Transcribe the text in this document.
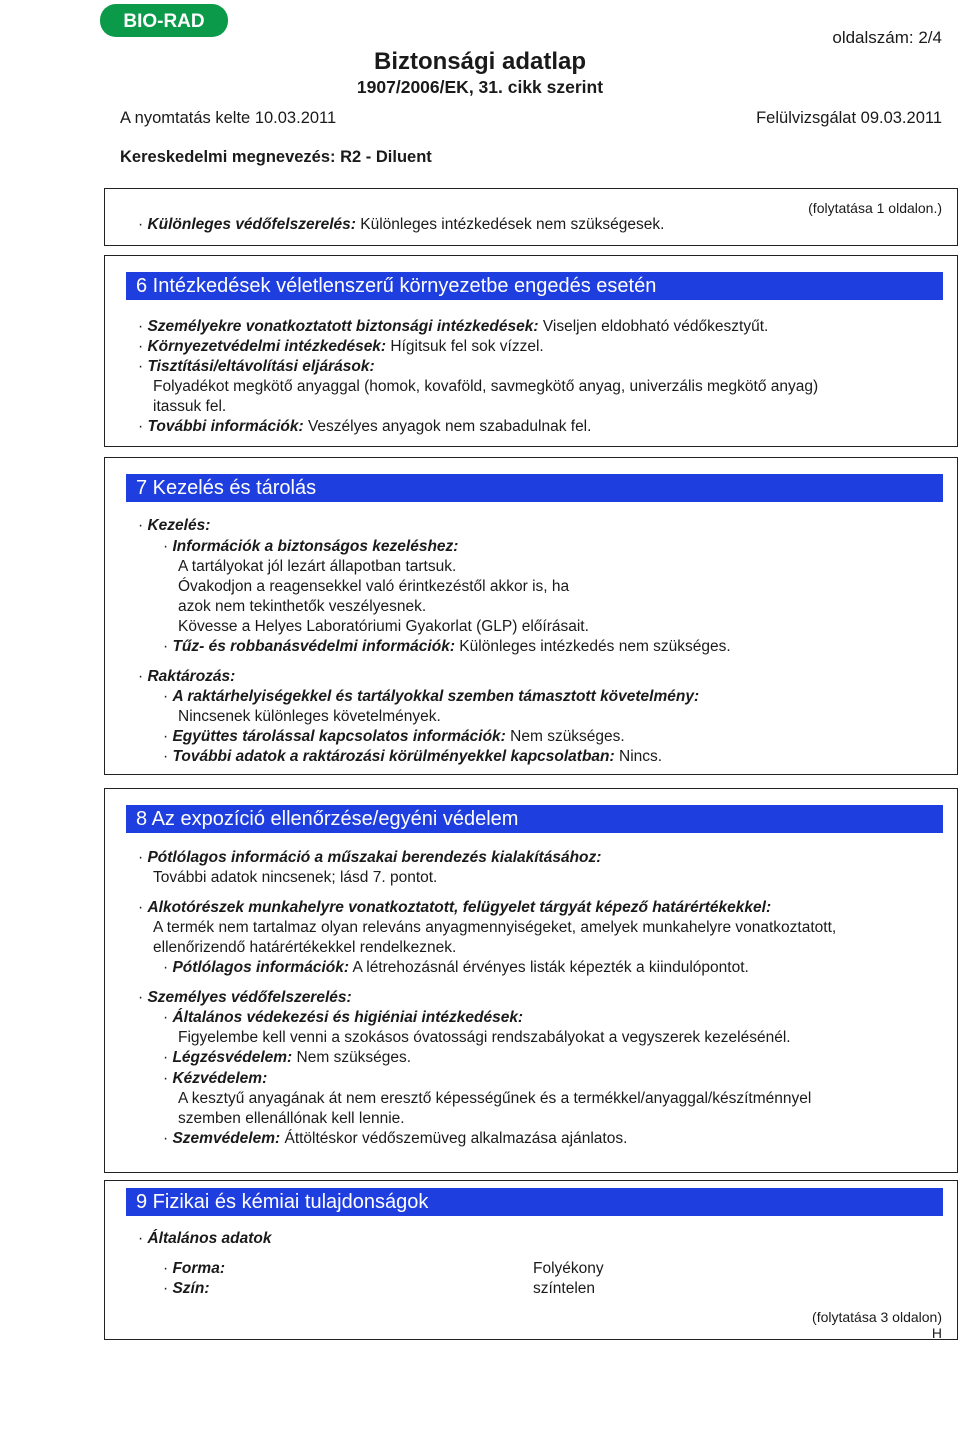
BIO-RAD
oldalszám: 2/4
Biztonsági adatlap
1907/2006/EK, 31. cikk szerint
A nyomtatás kelte 10.03.2011	Felülvizsgálat 09.03.2011
Kereskedelmi megnevezés: R2 - Diluent
(folytatása 1 oldalon.)
· Különleges védőfelszerelés: Különleges intézkedések nem szükségesek.
6 Intézkedések véletlenszerű környezetbe engedés esetén
· Személyekre vonatkoztatott biztonsági intézkedések: Viseljen eldobható védőkesztyűt.
· Környezetvédelmi intézkedések: Hígitsuk fel sok vízzel.
· Tisztítási/eltávolítási eljárások:
Folyadékot megkötő anyaggal (homok, kovaföld, savmegkötő anyag, univerzális megkötő anyag)
itassuk fel.
· További információk: Veszélyes anyagok nem szabadulnak fel.
7 Kezelés és tárolás
· Kezelés:
· Információk a biztonságos kezeléshez:
A tartályokat jól lezárt állapotban tartsuk.
Óvakodjon a reagensekkel való érintkezéstől akkor is, ha
azok nem tekinthetők veszélyesnek.
Kövesse a Helyes Laboratóriumi Gyakorlat (GLP) előírásait.
· Tűz- és robbanásvédelmi információk: Különleges intézkedés nem szükséges.
· Raktározás:
· A raktárhelyiségekkel és tartályokkal szemben támasztott követelmény:
Nincsenek különleges követelmények.
· Együttes tárolással kapcsolatos információk: Nem szükséges.
· További adatok a raktározási körülményekkel kapcsolatban: Nincs.
8 Az expozíció ellenőrzése/egyéni védelem
· Pótlólagos információ a műszakai berendezés kialakításához:
További adatok nincsenek; lásd 7. pontot.
· Alkotórészek munkahelyre vonatkoztatott, felügyelet tárgyát képező határértékekkel:
A termék nem tartalmaz olyan releváns anyagmennyiségeket, amelyek munkahelyre vonatkoztatott,
ellenőrizendő határértékekkel rendelkeznek.
· Pótlólagos információk: A létrehozásnál érvényes listák képezték a kiindulópontot.
· Személyes védőfelszerelés:
· Általános védekezési és higiéniai intézkedések:
Figyelembe kell venni a szokásos óvatossági rendszabályokat a vegyszerek kezelésénél.
· Légzésvédelem: Nem szükséges.
· Kézvédelem:
A kesztyű anyagának át nem eresztő képességűnek és a termékkel/anyaggal/készítménnyel
szemben ellenállónak kell lennie.
· Szemvédelem: Áttöltéskor védőszemüveg alkalmazása ajánlatos.
9 Fizikai és kémiai tulajdonságok
· Általános adatok
· Forma:	Folyékony
· Szín:	színtelen
(folytatása 3 oldalon)
H
